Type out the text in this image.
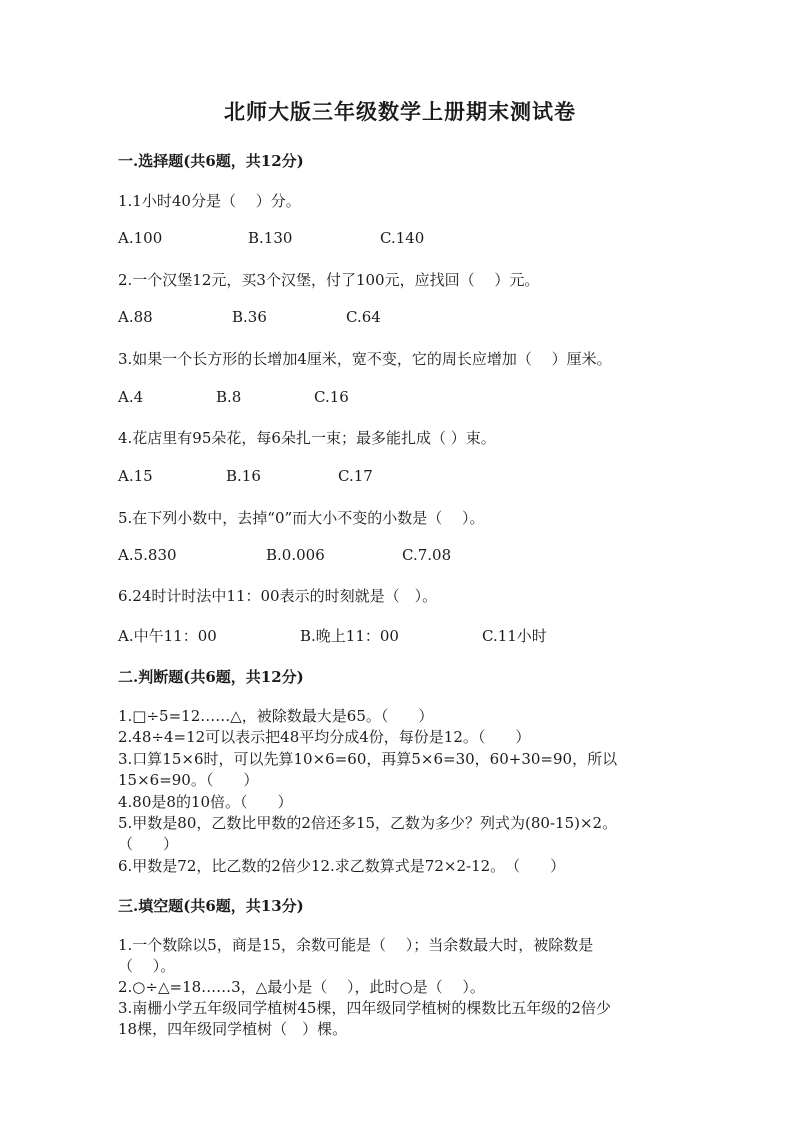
北师大版三年级数学上册期末测试卷
一.选择题(共6题，共12分)
1.1小时40分是（　 ）分。
A.100	B.130	C.140
2.一个汉堡12元，买3个汉堡，付了100元，应找回（　 ）元。
A.88	B.36	C.64
3.如果一个长方形的长增加4厘米，宽不变，它的周长应增加（　 ）厘米。
A.4	B.8	C.16
4.花店里有95朵花，每6朵扎一束；最多能扎成（ ）束。
A.15	B.16	C.17
5.在下列小数中，去掉“0”而大小不变的小数是（　 ）。
A.5.830	B.0.006	C.7.08
6.24时计时法中11：00表示的时刻就是（　）。
A.中午11：00	B.晚上11：00	C.11小时
二.判断题(共6题，共12分)
1.□÷5=12……△，被除数最大是65。（　　）
2.48÷4=12可以表示把48平均分成4份，每份是12。（　　）
3.口算15×6时，可以先算10×6=60，再算5×6=30，60+30=90，所以
15×6=90。（　　）
4.80是8的10倍。（　　）
5.甲数是80，乙数比甲数的2倍还多15，乙数为多少？列式为(80-15)×2。
（　　）
6.甲数是72，比乙数的2倍少12.求乙数算式是72×2-12。　（　　）
三.填空题(共6题，共13分)
1.一个数除以5，商是15，余数可能是（　 ）；当余数最大时，被除数是
（　 ）。
2.○÷△=18……3，△最小是（　 ），此时○是（　 ）。
3.南栅小学五年级同学植树45棵，四年级同学植树的棵数比五年级的2倍少
18棵，四年级同学植树（　）棵。
